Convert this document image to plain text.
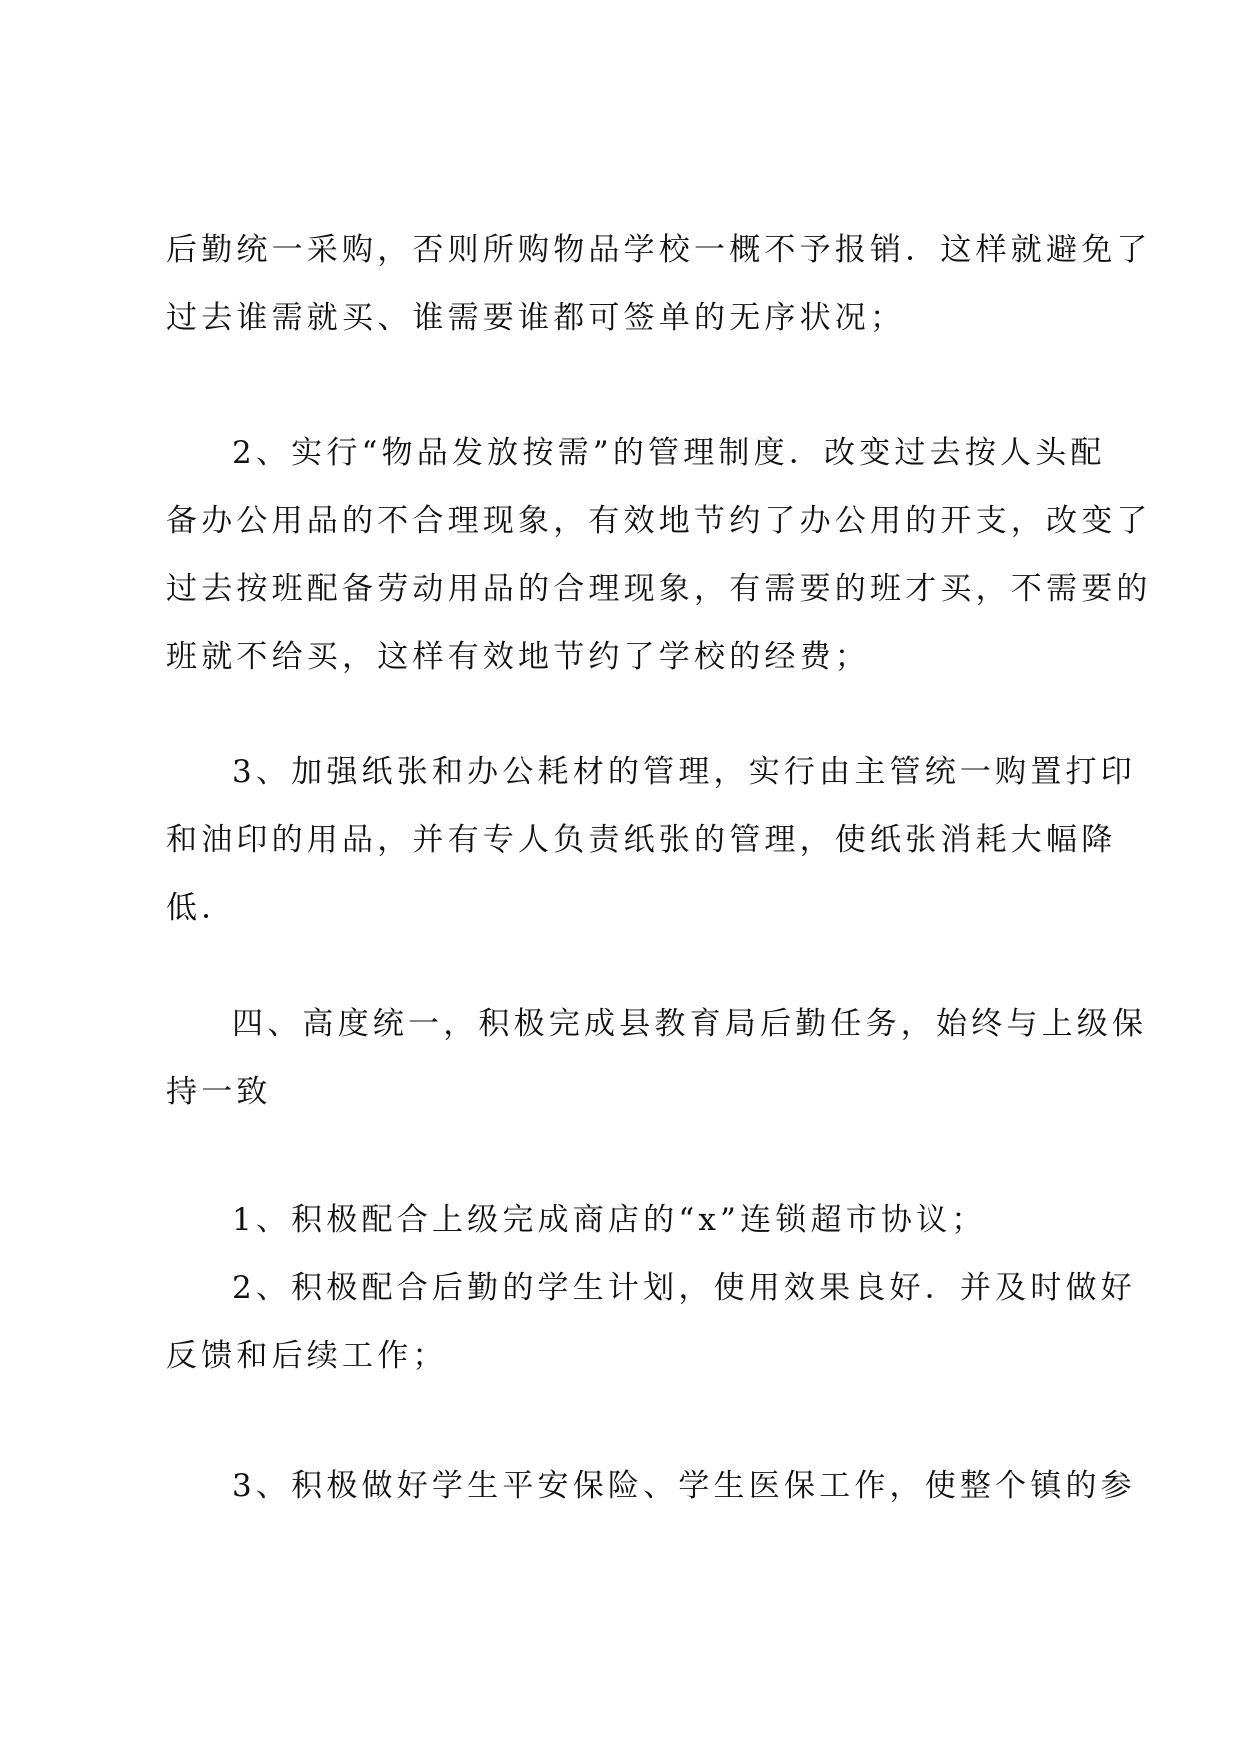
后勤统一采购，否则所购物品学校一概不予报销．这样就避免了
过去谁需就买、谁需要谁都可签单的无序状况；
2、实行“物品发放按需”的管理制度．改变过去按人头配
备办公用品的不合理现象，有效地节约了办公用的开支，改变了
过去按班配备劳动用品的合理现象，有需要的班才买，不需要的
班就不给买，这样有效地节约了学校的经费；
3、加强纸张和办公耗材的管理，实行由主管统一购置打印
和油印的用品，并有专人负责纸张的管理，使纸张消耗大幅降
低．
四、高度统一，积极完成县教育局后勤任务，始终与上级保
持一致
1、积极配合上级完成商店的“x”连锁超市协议；
2、积极配合后勤的学生计划，使用效果良好．并及时做好
反馈和后续工作；
3、积极做好学生平安保险、学生医保工作，使整个镇的参
